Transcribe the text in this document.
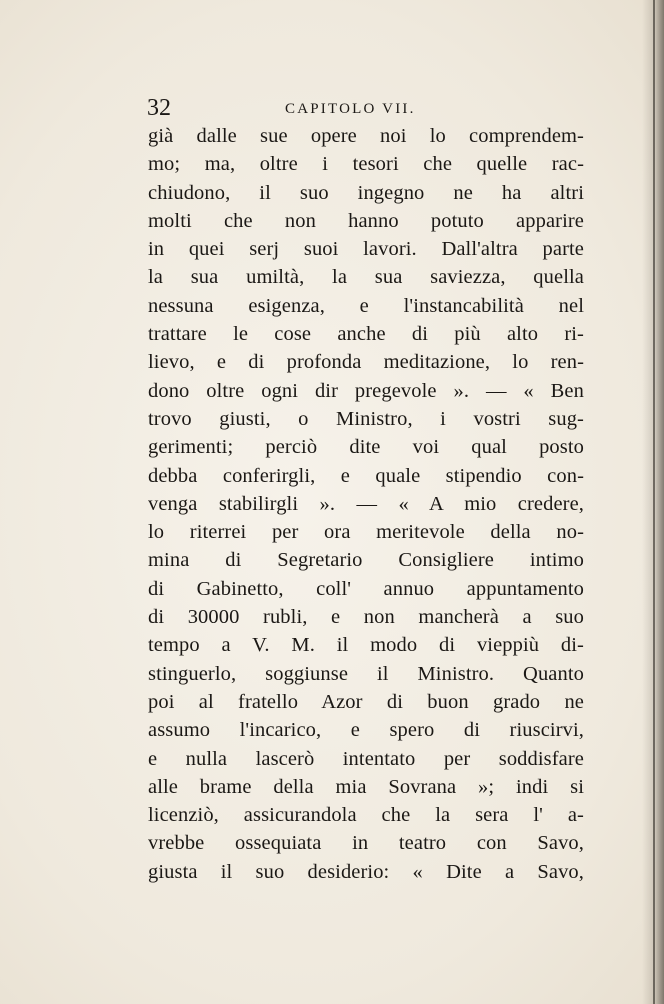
32	CAPITOLO VII.
già dalle sue opere noi lo comprendem-
mo; ma, oltre i tesori che quelle rac-
chiudono, il suo ingegno ne ha altri
molti che non hanno potuto apparire
in quei serj suoi lavori. Dall'altra parte
la sua umiltà, la sua saviezza, quella
nessuna esigenza, e l'instancabilità nel
trattare le cose anche di più alto ri-
lievo, e di profonda meditazione, lo ren-
dono oltre ogni dir pregevole ». — « Ben
trovo giusti, o Ministro, i vostri sug-
gerimenti; perciò dite voi qual posto
debba conferirgli, e quale stipendio con-
venga stabilirgli ». — « A mio credere,
lo riterrei per ora meritevole della no-
mina di Segretario Consigliere intimo
di Gabinetto, coll' annuo appuntamento
di 30000 rubli, e non mancherà a suo
tempo a V. M. il modo di vieppiù di-
stinguerlo, soggiunse il Ministro. Quanto
poi al fratello Azor di buon grado ne
assumo l'incarico, e spero di riuscirvi,
e nulla lascerò intentato per soddisfare
alle brame della mia Sovrana »; indi si
licenziò, assicurandola che la sera l' a-
vrebbe ossequiata in teatro con Savo,
giusta il suo desiderio: « Dite a Savo,
